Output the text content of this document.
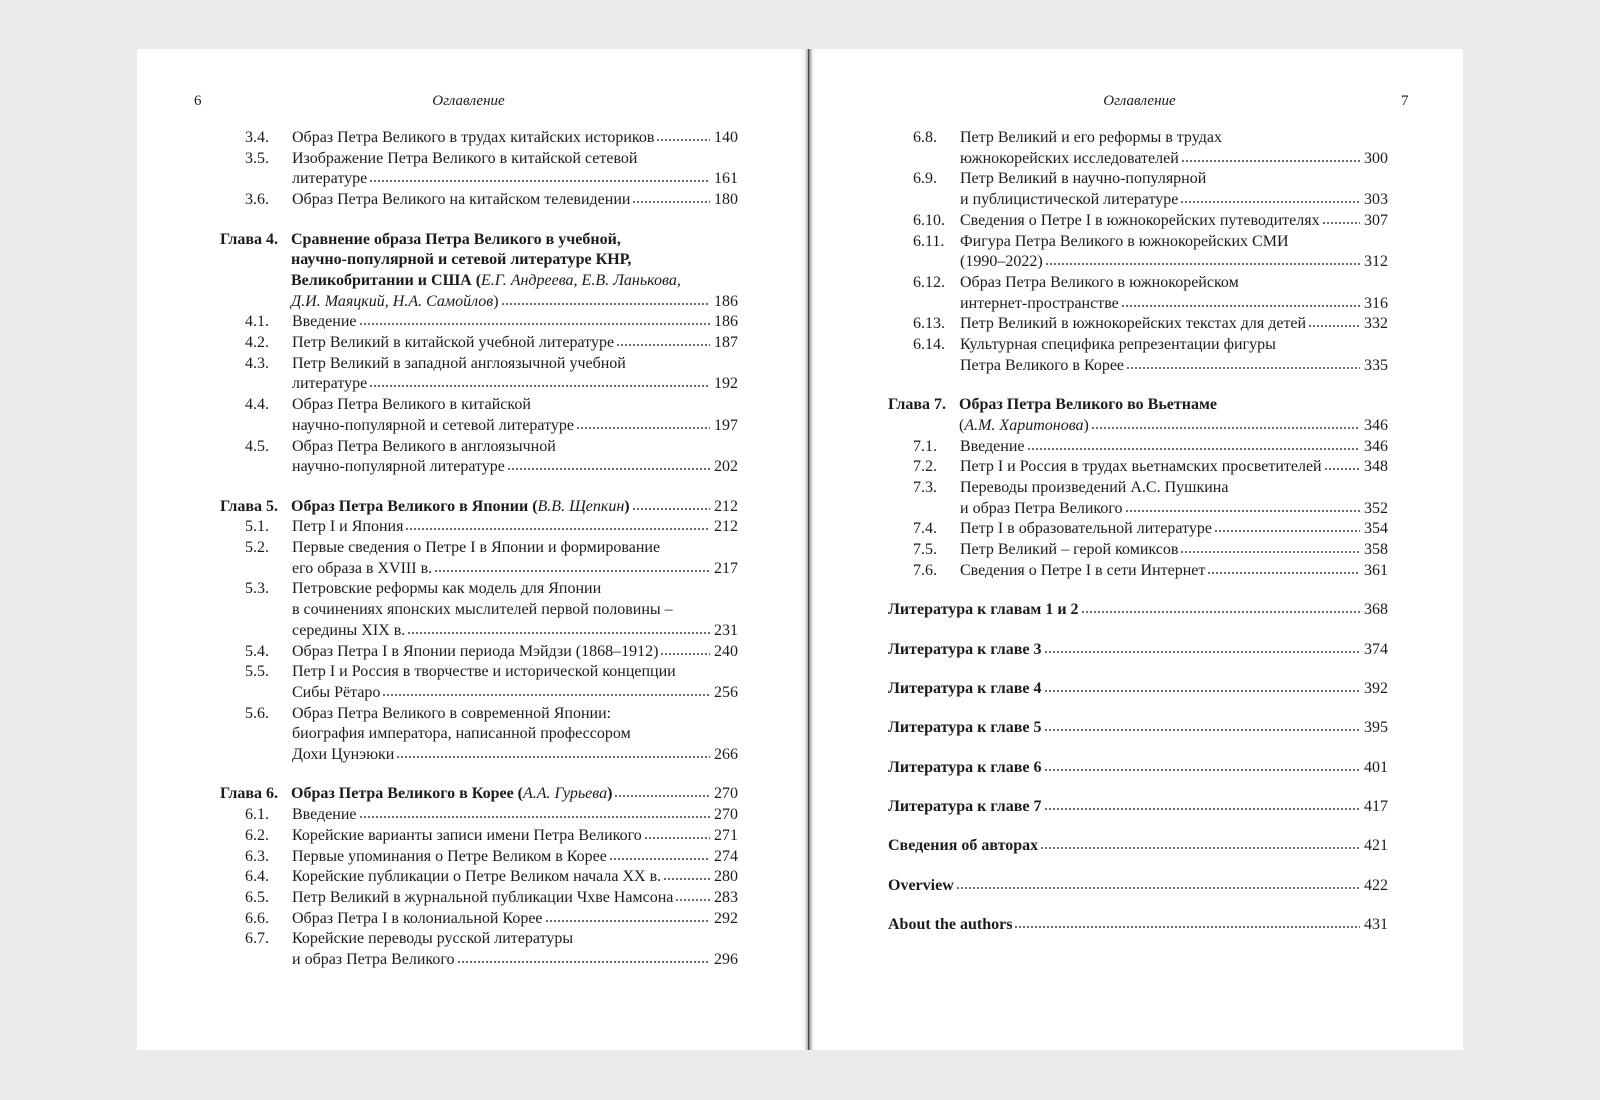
6	Оглавление
3.4.	Образ Петра Великого в трудах китайских историков	140
3.5.	Изображение Петра Великого в китайской сетевой
литературе	161
3.6.	Образ Петра Великого на китайском телевидении	180
Глава 4. Сравнение образа Петра Великого в учебной,
научно-популярной и сетевой литературе КНР,
Великобритании и США (Е.Г. Андреева, Е.В. Ланькова,
Д.И. Маяцкий, Н.А. Самойлов)	186
4.1.	Введение	186
4.2.	Петр Великий в китайской учебной литературе	187
4.3.	Петр Великий в западной англоязычной учебной
литературе	192
4.4.	Образ Петра Великого в китайской
научно-популярной и сетевой литературе	197
4.5.	Образ Петра Великого в англоязычной
научно-популярной литературе	202
Глава 5. Образ Петра Великого в Японии (В.В. Щепкин)	212
5.1.	Петр I и Япония	212
5.2.	Первые сведения о Петре I в Японии и формирование
его образа в XVIII в.	217
5.3.	Петровские реформы как модель для Японии
в сочинениях японских мыслителей первой половины –
середины XIX в.	231
5.4.	Образ Петра I в Японии периода Мэйдзи (1868–1912)	240
5.5.	Петр I и Россия в творчестве и исторической концепции
Сибы Рётаро	256
5.6.	Образ Петра Великого в современной Японии:
биография императора, написанной профессором
Дохи Цунэюки	266
Глава 6. Образ Петра Великого в Корее (А.А. Гурьева)	270
6.1.	Введение	270
6.2.	Корейские варианты записи имени Петра Великого	271
6.3.	Первые упоминания о Петре Великом в Корее	274
6.4.	Корейские публикации о Петре Великом начала XX в.	280
6.5.	Петр Великий в журнальной публикации Чхве Намсона	283
6.6.	Образ Петра I в колониальной Корее	292
6.7.	Корейские переводы русской литературы
и образ Петра Великого	296
Оглавление	7
6.8.	Петр Великий и его реформы в трудах
южнокорейских исследователей	300
6.9.	Петр Великий в научно-популярной
и публицистической литературе	303
6.10. Сведения о Петре I в южнокорейских путеводителях	307
6.11. Фигура Петра Великого в южнокорейских СМИ
(1990–2022)	312
6.12. Образ Петра Великого в южнокорейском
интернет-пространстве	316
6.13. Петр Великий в южнокорейских текстах для детей	332
6.14. Культурная специфика репрезентации фигуры
Петра Великого в Корее	335
Глава 7. Образ Петра Великого во Вьетнаме
(А.М. Харитонова)	346
7.1.	Введение	346
7.2.	Петр I и Россия в трудах вьетнамских просветителей	348
7.3.	Переводы произведений А.С. Пушкина
и образ Петра Великого	352
7.4.	Петр I в образовательной литературе	354
7.5.	Петр Великий – герой комиксов	358
7.6.	Сведения о Петре I в сети Интернет	361
Литература к главам 1 и 2	368
Литература к главе 3	374
Литература к главе 4	392
Литература к главе 5	395
Литература к главе 6	401
Литература к главе 7	417
Сведения об авторах	421
Overview	422
About the authors	431
